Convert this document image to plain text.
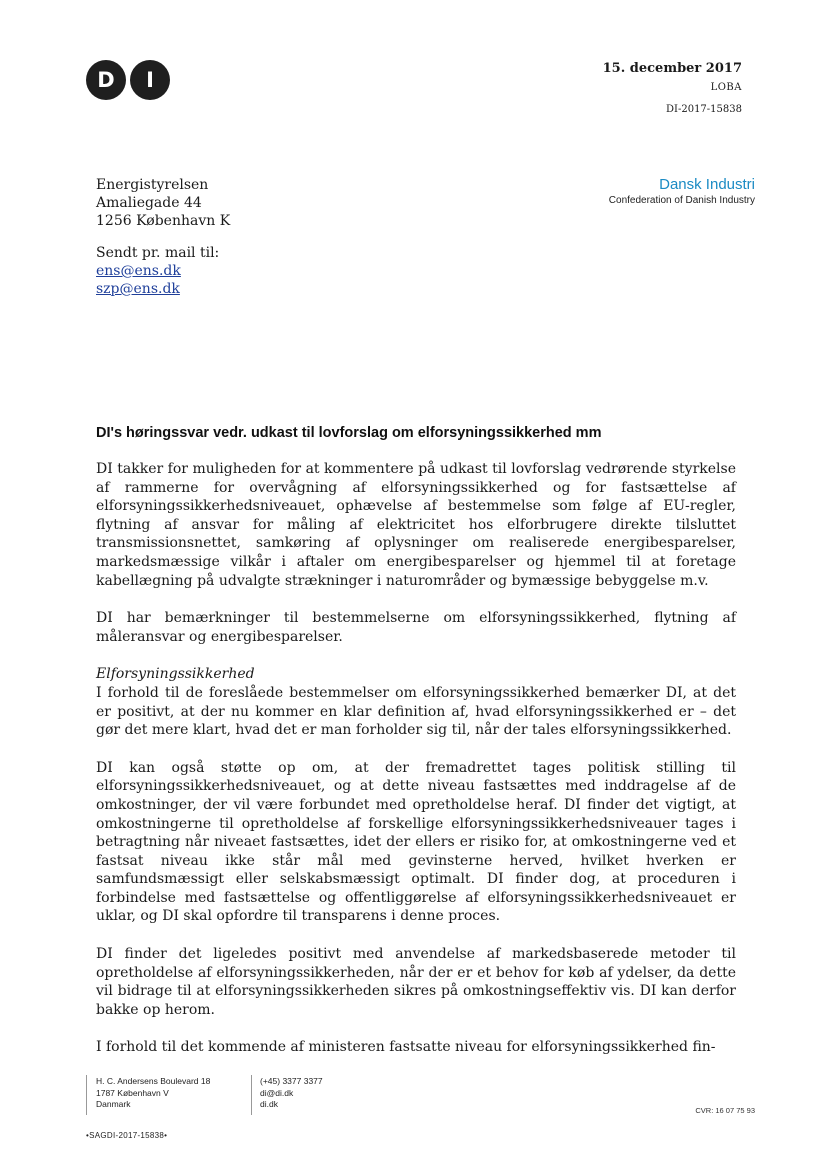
D	I	15. december 2017
LOBA
DI-2017-15838
Energistyrelsen
Amaliegade 44
1256 København K
Dansk Industri
Confederation of Danish Industry
Sendt pr. mail til:
ens@ens.dk
szp@ens.dk
DI's høringssvar vedr. udkast til lovforslag om elforsyningssikkerhed mm

DI takker for muligheden for at kommentere på udkast til lovforslag vedrørende styrkelse af rammerne for overvågning af elforsyningssikkerhed og for fastsættelse af elforsyningssikkerhedsniveauet, ophævelse af bestemmelse som følge af EU-regler, flytning af ansvar for måling af elektricitet hos elforbrugere direkte tilsluttet transmissionsnettet, samkøring af oplysninger om realiserede energibesparelser, markedsmæssige vilkår i aftaler om energibesparelser og hjemmel til at foretage kabellægning på udvalgte strækninger i naturområder og bymæssige bebyggelse m.v.

DI har bemærkninger til bestemmelserne om elforsyningssikkerhed, flytning af måleransvar og energibesparelser.

Elforsyningssikkerhed

I forhold til de foreslåede bestemmelser om elforsyningssikkerhed bemærker DI, at det er positivt, at der nu kommer en klar definition af, hvad elforsyningssikkerhed er – det gør det mere klart, hvad det er man forholder sig til, når der tales elforsyningssikkerhed.

DI kan også støtte op om, at der fremadrettet tages politisk stilling til elforsyningssikkerhedsniveauet, og at dette niveau fastsættes med inddragelse af de omkostninger, der vil være forbundet med opretholdelse heraf. DI finder det vigtigt, at omkostningerne til opretholdelse af forskellige elforsyningssikkerhedsniveauer tages i betragtning når niveaet fastsættes, idet der ellers er risiko for, at omkostningerne ved et fastsat niveau ikke står mål med gevinsterne herved, hvilket hverken er samfundsmæssigt eller selskabsmæssigt optimalt. DI finder dog, at proceduren i forbindelse med fastsættelse og offentliggørelse af elforsyningssikkerhedsniveauet er uklar, og DI skal opfordre til transparens i denne proces.

DI finder det ligeledes positivt med anvendelse af markedsbaserede metoder til opretholdelse af elforsyningssikkerheden, når der er et behov for køb af ydelser, da dette vil bidrage til at elforsyningssikkerheden sikres på omkostningseffektiv vis. DI kan derfor bakke op herom.

I forhold til det kommende af ministeren fastsatte niveau for elforsyningssikkerhed fin-

H. C. Andersens Boulevard 18
1787 København V
Danmark
(+45) 3377 3377
di@di.dk
di.dk
CVR: 16 07 75 93
•SAGDI-2017-15838•
